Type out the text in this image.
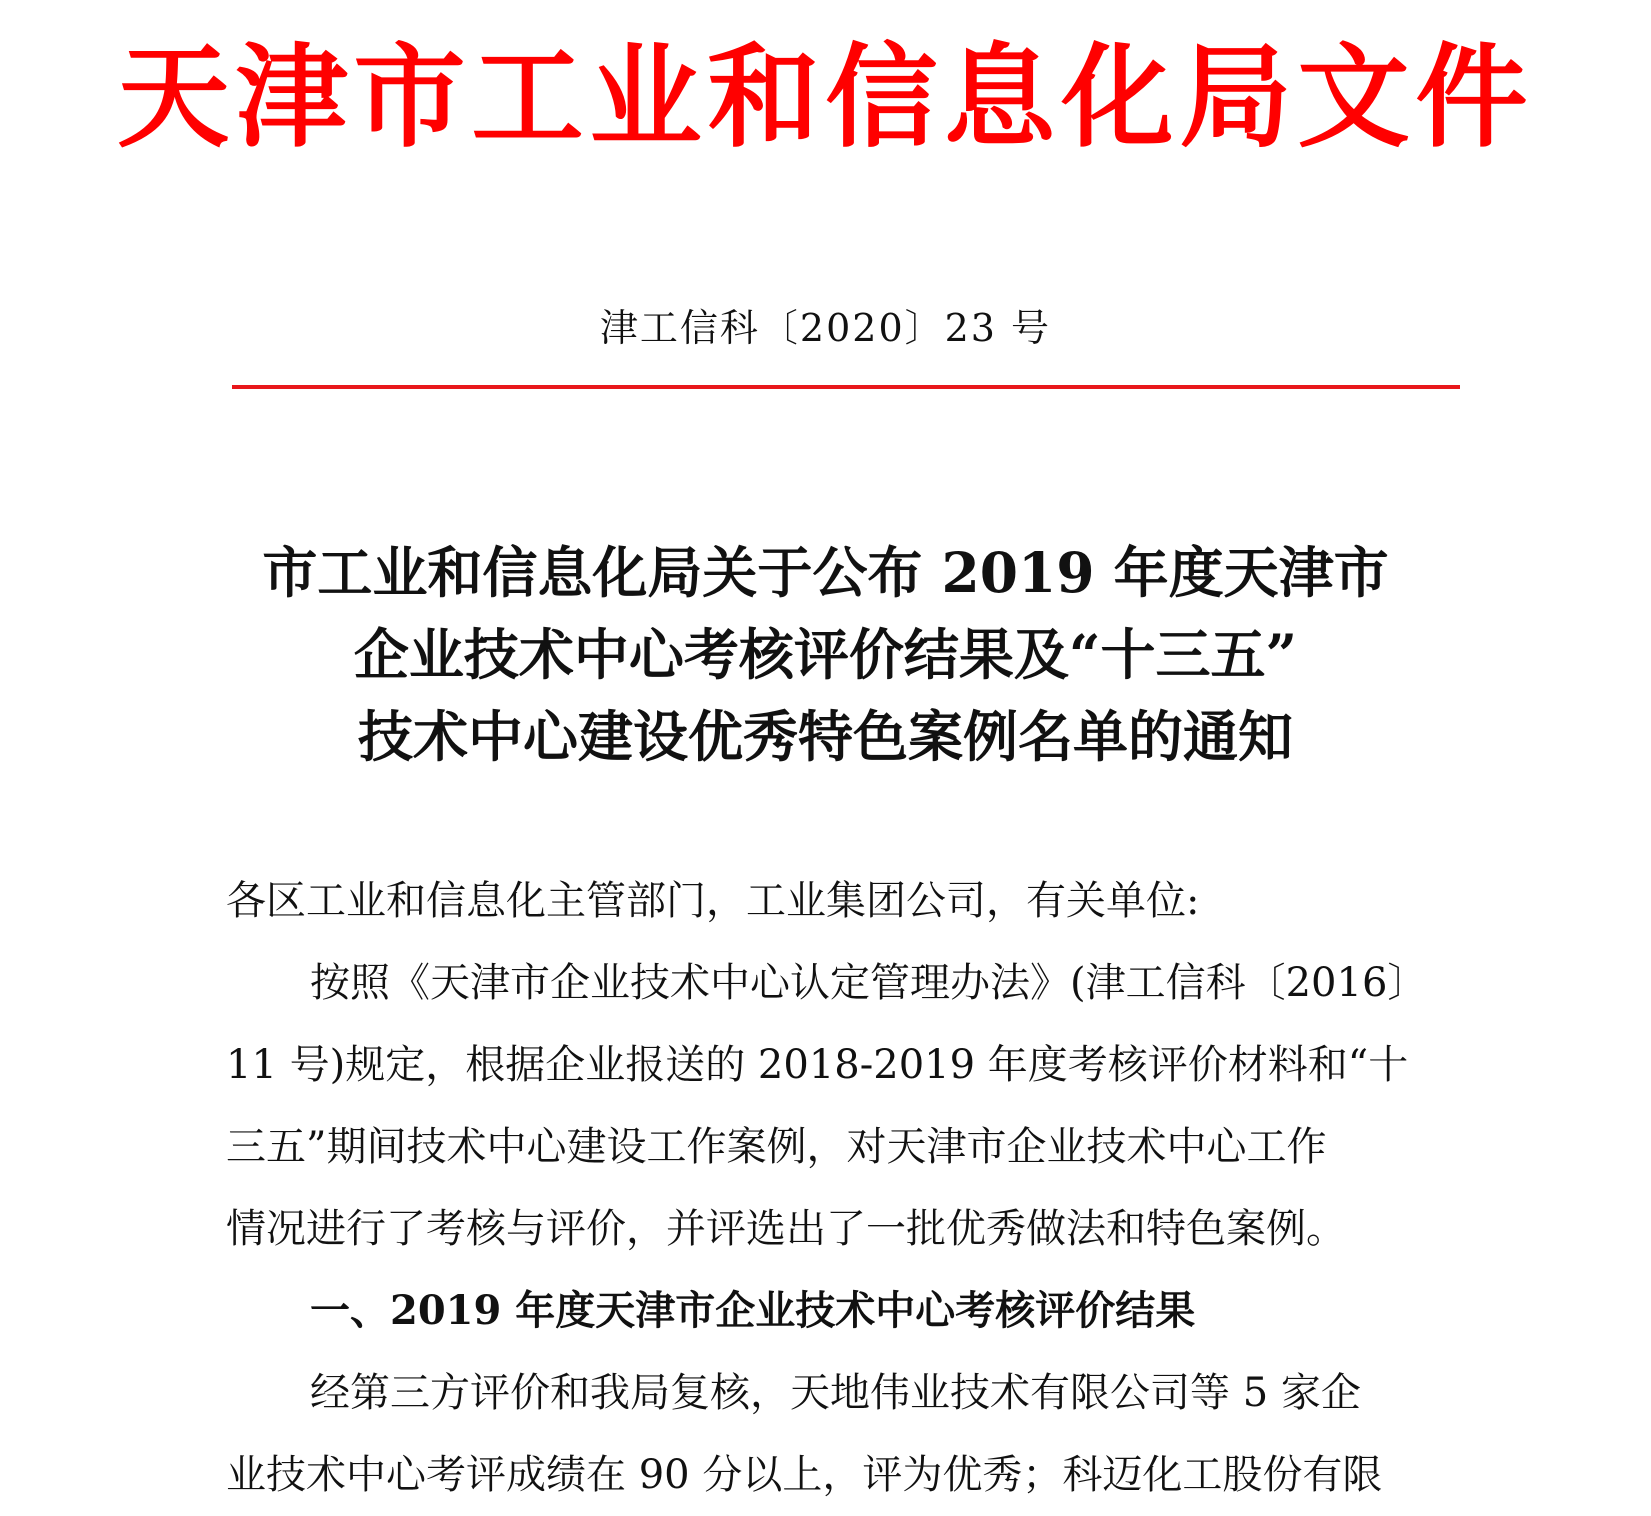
天津市工业和信息化局文件
津工信科〔2020〕23 号
市工业和信息化局关于公布 2019 年度天津市
企业技术中心考核评价结果及“十三五”
技术中心建设优秀特色案例名单的通知

各区工业和信息化主管部门，工业集团公司，有关单位:

按照《天津市企业技术中心认定管理办法》(津工信科〔2016〕

11 号)规定，根据企业报送的 2018-2019 年度考核评价材料和“十

三五”期间技术中心建设工作案例，对天津市企业技术中心工作

情况进行了考核与评价，并评选出了一批优秀做法和特色案例。

一、2019 年度天津市企业技术中心考核评价结果

经第三方评价和我局复核，天地伟业技术有限公司等 5 家企

业技术中心考评成绩在 90 分以上，评为优秀；科迈化工股份有限
